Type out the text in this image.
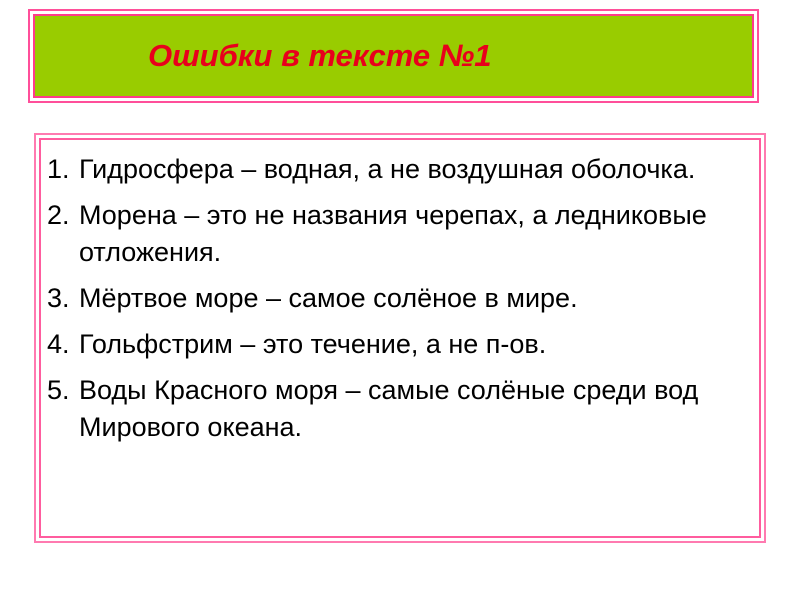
Ошибки в тексте №1
1. Гидросфера – водная, а не воздушная оболочка.
2. Морена – это не названия черепах, а ледниковые отложения.
3. Мёртвое море – самое солёное в мире.
4. Гольфстрим – это течение, а не п-ов.
5. Воды Красного моря – самые солёные среди вод Мирового океана.
